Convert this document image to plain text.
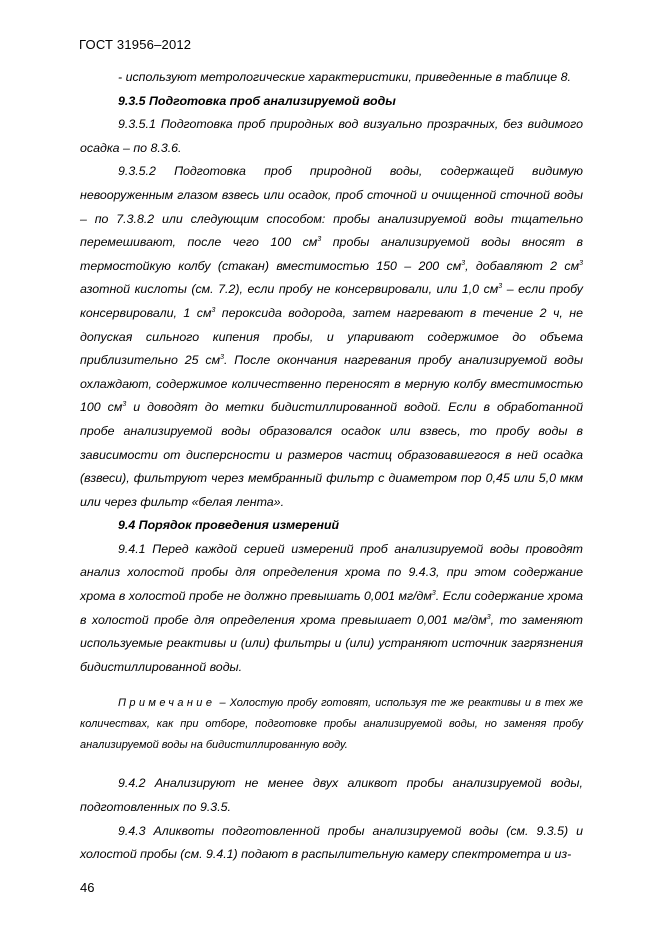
ГОСТ 31956–2012

- используют метрологические характеристики, приведенные в таблице 8.

9.3.5 Подготовка проб анализируемой воды

9.3.5.1 Подготовка проб природных вод визуально прозрачных, без видимого осадка – по 8.3.6.

9.3.5.2 Подготовка проб природной воды, содержащей видимую невооруженным глазом взвесь или осадок, проб сточной и очищенной сточной воды – по 7.3.8.2 или следующим способом: пробы анализируемой воды тщательно перемешивают, после чего 100 $см^3$ пробы анализируемой воды вносят в термостойкую колбу (стакан) вместимостью 150 – 200 $см^3$, добавляют 2 $см^3$ азотной кислоты (см. 7.2), если пробу не консервировали, или 1,0 $см^3$ – если пробу консервировали, 1 $см^3$ пероксида водорода, затем нагревают в течение 2 ч, не допуская сильного кипения пробы, и упаривают содержимое до объема приблизительно 25 $см^3$. После окончания нагревания пробу анализируемой воды охлаждают, содержимое количественно переносят в мерную колбу вместимостью 100 $см^3$ и доводят до метки бидистиллированной водой. Если в обработанной пробе анализируемой воды образовался осадок или взвесь, то пробу воды в зависимости от дисперсности и размеров частиц образовавшегося в ней осадка (взвеси), фильтруют через мембранный фильтр с диаметром пор 0,45 или 5,0 мкм или через фильтр «белая лента».

9.4 Порядок проведения измерений

9.4.1 Перед каждой серией измерений проб анализируемой воды проводят анализ холостой пробы для определения хрома по 9.4.3, при этом содержание хрома в холостой пробе не должно превышать 0,001 $мг/дм^3$. Если содержание хрома в холостой пробе для определения хрома превышает 0,001 $мг/дм^3$, то заменяют используемые реактивы и (или) фильтры и (или) устраняют источник загрязнения бидистиллированной воды.

Примечание – Холостую пробу готовят, используя те же реактивы и в тех же количествах, как при отборе, подготовке пробы анализируемой воды, но заменяя пробу анализируемой воды на бидистиллированную воду.

9.4.2 Анализируют не менее двух аликвот пробы анализируемой воды, подготовленных по 9.3.5.

9.4.3 Аликвоты подготовленной пробы анализируемой воды (см. 9.3.5) и холостой пробы (см. 9.4.1) подают в распылительную камеру спектрометра и из-

46
